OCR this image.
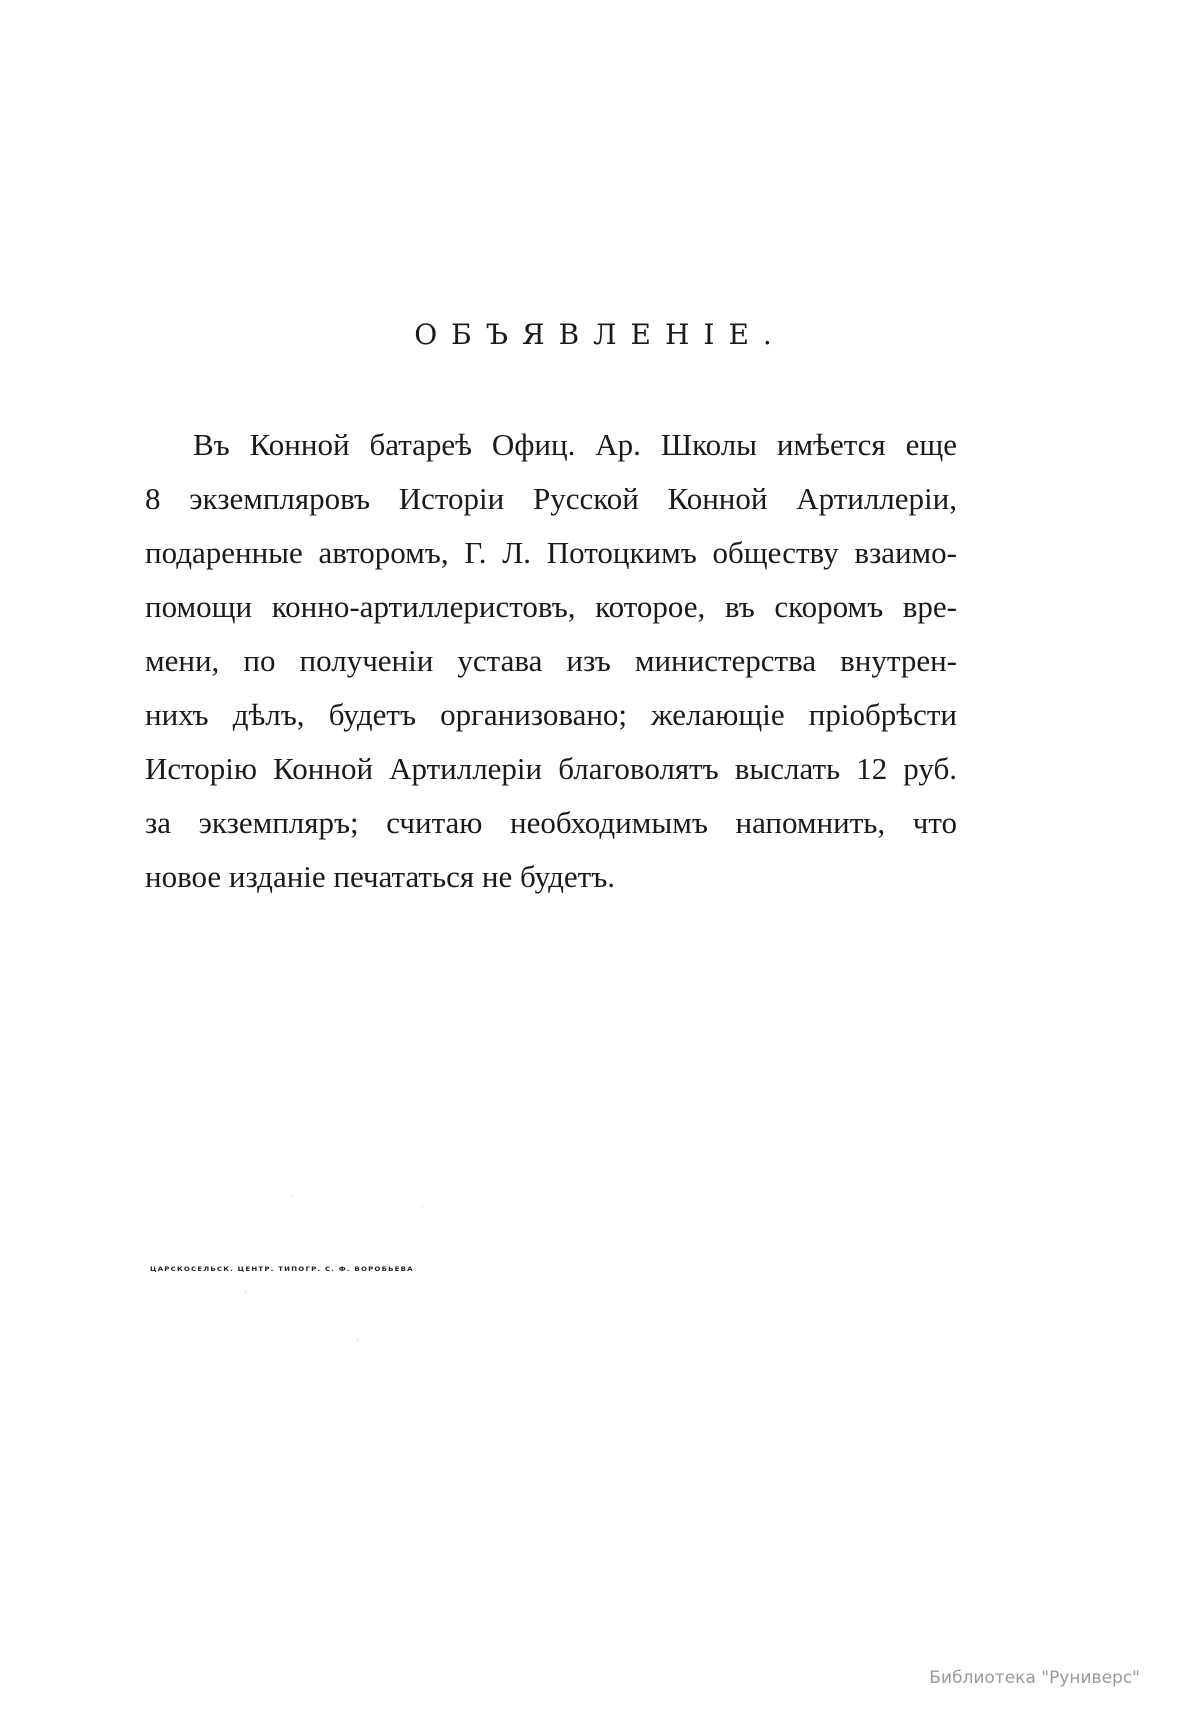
ОБЪЯВЛЕНІЕ.
Въ Конной батареѣ Офиц. Ар. Школы имѣется еще
8 экземпляровъ Исторіи Русской Конной Артиллеріи,
подаренные авторомъ, Г. Л. Потоцкимъ обществу взаимо-
помощи конно-артиллеристовъ, которое, въ скоромъ вре-
мени, по полученіи устава изъ министерства внутрен-
нихъ дѣлъ, будетъ организовано; желающіе пріобрѣсти
Исторію Конной Артиллеріи благоволятъ выслать 12 руб.
за экземпляръ; считаю необходимымъ напомнить, что
новое изданіе печататься не будетъ.
ЦАРСКОСЕЛЬСК. ЦЕНТР. ТИПОГР. С. Ф. ВОРОБЬЕВА
Библиотека "Руниверс"
